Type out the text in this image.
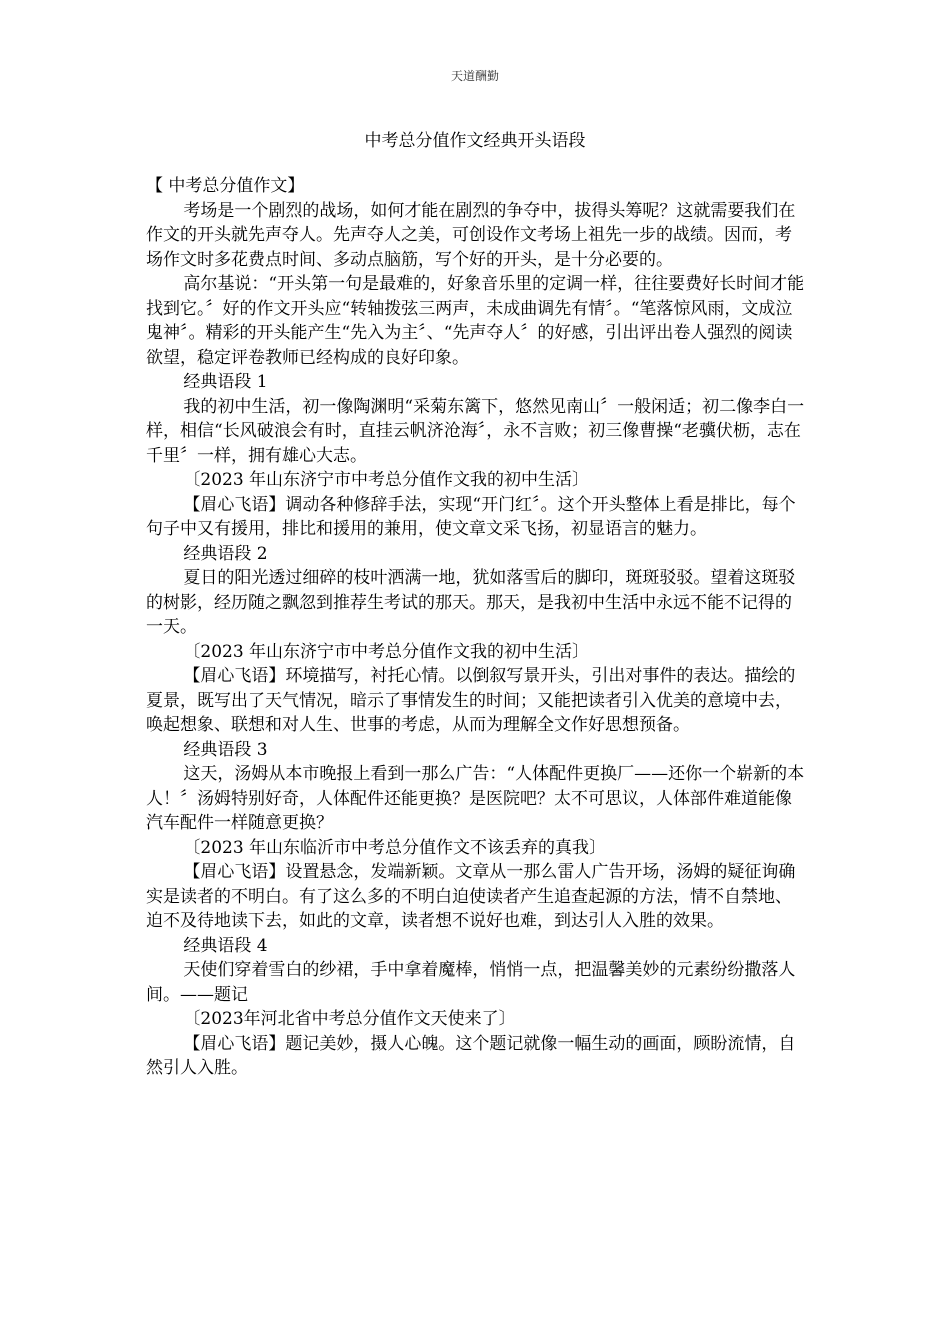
天道酬勤
中考总分值作文经典开头语段

【 中考总分值作文】

考场是一个剧烈的战场，如何才能在剧烈的争夺中，拔得头筹呢？这就需要我们在作文的开头就先声夺人。先声夺人之美，可创设作文考场上祖先一步的战绩。因而，考场作文时多花费点时间、多动点脑筋，写个好的开头，是十分必要的。

高尔基说：“开头第一句是最难的，好象音乐里的定调一样，往往要费好长时间才能找到它。〞好的作文开头应“转轴拨弦三两声，未成曲调先有情〞。“笔落惊风雨，文成泣鬼神〞。精彩的开头能产生“先入为主〞、“先声夺人〞的好感，引出评出卷人强烈的阅读欲望，稳定评卷教师已经构成的良好印象。

经典语段 1

我的初中生活，初一像陶渊明“采菊东篱下，悠然见南山〞一般闲适；初二像李白一样，相信“长风破浪会有时，直挂云帆济沧海〞，永不言败；初三像曹操“老骥伏枥，志在千里〞一样，拥有雄心大志。

〔2023 年山东济宁市中考总分值作文我的初中生活〕

【眉心飞语】调动各种修辞手法，实现“开门红〞。这个开头整体上看是排比，每个句子中又有援用，排比和援用的兼用，使文章文采飞扬，初显语言的魅力。

经典语段 2

夏日的阳光透过细碎的枝叶洒满一地，犹如落雪后的脚印，斑斑驳驳。望着这斑驳的树影，经历随之飘忽到推荐生考试的那天。那天，是我初中生活中永远不能不记得的一天。

〔2023 年山东济宁市中考总分值作文我的初中生活〕

【眉心飞语】环境描写，衬托心情。以倒叙写景开头，引出对事件的表达。描绘的夏景，既写出了天气情况，暗示了事情发生的时间；又能把读者引入优美的意境中去，唤起想象、联想和对人生、世事的考虑，从而为理解全文作好思想预备。

经典语段 3

这天，汤姆从本市晚报上看到一那么广告：“人体配件更换厂——还你一个崭新的本人！〞汤姆特别好奇，人体配件还能更换？是医院吧？太不可思议，人体部件难道能像汽车配件一样随意更换？

〔2023 年山东临沂市中考总分值作文不该丢弃的真我〕

【眉心飞语】设置悬念，发端新颖。文章从一那么雷人广告开场，汤姆的疑征询确实是读者的不明白。有了这么多的不明白迫使读者产生追查起源的方法，情不自禁地、迫不及待地读下去，如此的文章，读者想不说好也难，到达引人入胜的效果。

经典语段 4

天使们穿着雪白的纱裙，手中拿着魔棒，悄悄一点，把温馨美妙的元素纷纷撒落人间。——题记

〔2023年河北省中考总分值作文天使来了〕

【眉心飞语】题记美妙，摄人心魄。这个题记就像一幅生动的画面，顾盼流情，自然引人入胜。
